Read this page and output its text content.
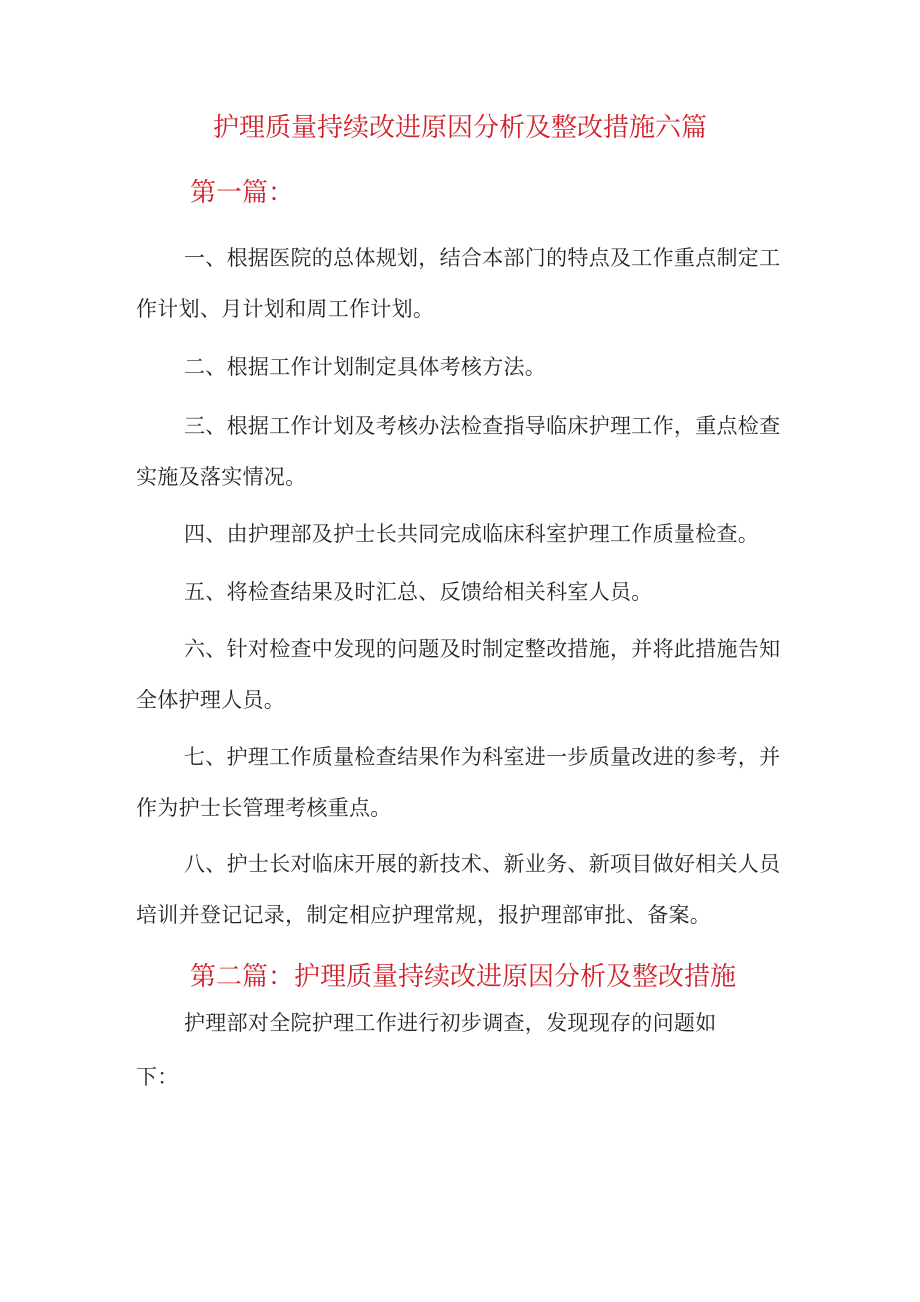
护理质量持续改进原因分析及整改措施六篇
第一篇：
一、根据医院的总体规划，结合本部门的特点及工作重点制定工作计划、月计划和周工作计划。
二、根据工作计划制定具体考核方法。
三、根据工作计划及考核办法检查指导临床护理工作，重点检查实施及落实情况。
四、由护理部及护士长共同完成临床科室护理工作质量检查。
五、将检查结果及时汇总、反馈给相关科室人员。
六、针对检查中发现的问题及时制定整改措施，并将此措施告知全体护理人员。
七、护理工作质量检查结果作为科室进一步质量改进的参考，并作为护士长管理考核重点。
八、护士长对临床开展的新技术、新业务、新项目做好相关人员培训并登记记录，制定相应护理常规，报护理部审批、备案。
第二篇：护理质量持续改进原因分析及整改措施
护理部对全院护理工作进行初步调查，发现现存的问题如下：
